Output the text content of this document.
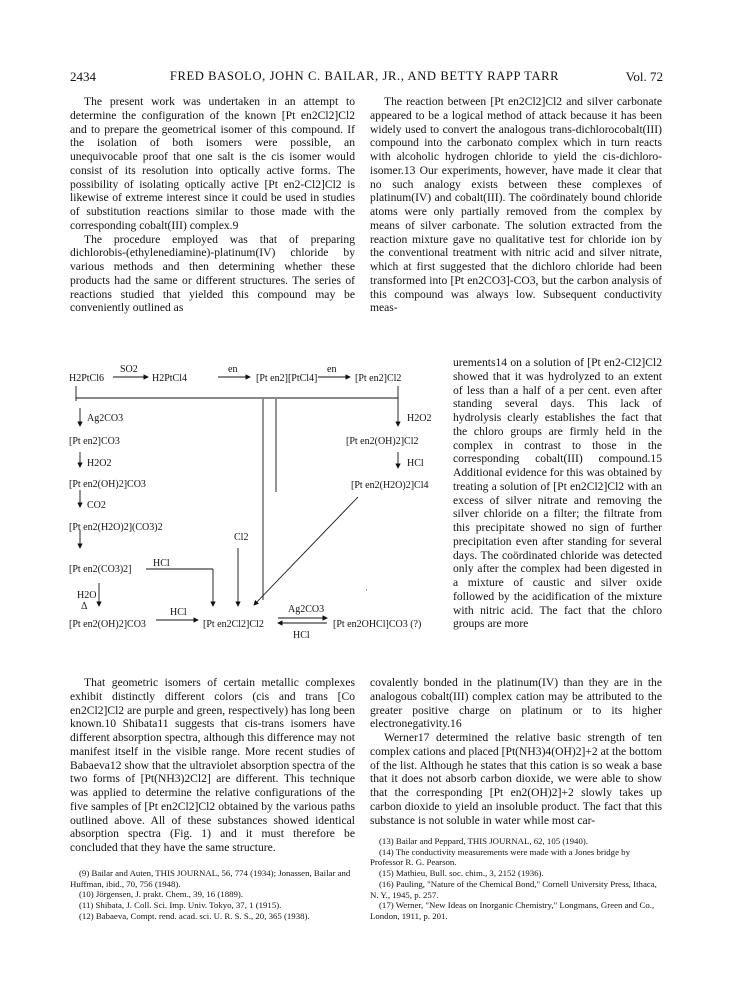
2434	FRED BASOLO, JOHN C. BAILAR, JR., AND BETTY RAPP TARR	Vol. 72

The present work was undertaken in an attempt to determine the configuration of the known [Pt en2Cl2]Cl2 and to prepare the geometrical isomer of this compound. If the isolation of both isomers were possible, an unequivocable proof that one salt is the cis isomer would consist of its resolution into optically active forms. The possibility of isolating optically active [Pt en2-Cl2]Cl2 is likewise of extreme interest since it could be used in studies of substitution reactions similar to those made with the corresponding cobalt(III) complex.9

The procedure employed was that of preparing dichlorobis-(ethylenediamine)-platinum(IV) chloride by various methods and then determining whether these products had the same or different structures. The series of reactions studied that yielded this compound may be conveniently outlined as

The reaction between [Pt en2Cl2]Cl2 and silver carbonate appeared to be a logical method of attack because it has been widely used to convert the analogous trans-dichlorocobalt(III) compound into the carbonato complex which in turn reacts with alcoholic hydrogen chloride to yield the cis-dichloro-isomer.13 Our experiments, however, have made it clear that no such analogy exists between these complexes of platinum(IV) and cobalt(III). The coördinately bound chloride atoms were only partially removed from the complex by means of silver carbonate. The solution extracted from the reaction mixture gave no qualitative test for chloride ion by the conventional treatment with nitric acid and silver nitrate, which at first suggested that the dichloro chloride had been transformed into [Pt en2CO3]-CO3, but the carbon analysis of this compound was always low. Subsequent conductivity meas-

urements14 on a solution of [Pt en2-Cl2]Cl2 showed that it was hydrolyzed to an extent of less than a half of a per cent. even after standing several days. This lack of hydrolysis clearly establishes the fact that the chloro groups are firmly held in the complex in contrast to those in the corresponding cobalt(III) compound.15 Additional evidence for this was obtained by treating a solution of [Pt en2Cl2]Cl2 with an excess of silver nitrate and removing the silver chloride on a filter; the filtrate from this precipitate showed no sign of further precipitation even after standing for several days. The coördinated chloride was detected only after the complex had been digested in a mixture of caustic and silver oxide followed by the acidification of the mixture with nitric acid. The fact that the chloro groups are more

·
H2PtCl6
SO2
H2PtCl4
en
[Pt en2][PtCl4]
en
[Pt en2]Cl2
Ag2CO3
[Pt en2]CO3
H2O2
[Pt en2(OH)2]CO3
CO2
[Pt en2(H2O)2](CO3)2
HCl
[Pt en2(CO3)2]
H2O
Δ
[Pt en2(OH)2]CO3
HCl
[Pt en2Cl2]Cl2
Ag2CO3
HCl
[Pt en2OHCl]CO3 (?)
Cl2
H2O2
[Pt en2(OH)2]Cl2
HCl
[Pt en2(H2O)2]Cl4

That geometric isomers of certain metallic complexes exhibit distinctly different colors (cis and trans [Co en2Cl2]Cl2 are purple and green, respectively) has long been known.10 Shibata11 suggests that cis-trans isomers have different absorption spectra, although this difference may not manifest itself in the visible range. More recent studies of Babaeva12 show that the ultraviolet absorption spectra of the two forms of [Pt(NH3)2Cl2] are different. This technique was applied to determine the relative configurations of the five samples of [Pt en2Cl2]Cl2 obtained by the various paths outlined above. All of these substances showed identical absorption spectra (Fig. 1) and it must therefore be concluded that they have the same structure.

covalently bonded in the platinum(IV) than they are in the analogous cobalt(III) complex cation may be attributed to the greater positive charge on platinum or to its higher electronegativity.16

Werner17 determined the relative basic strength of ten complex cations and placed [Pt(NH3)4(OH)2]+2 at the bottom of the list. Although he states that this cation is so weak a base that it does not absorb carbon dioxide, we were able to show that the corresponding [Pt en2(OH)2]+2 slowly takes up carbon dioxide to yield an insoluble product. The fact that this substance is not soluble in water while most car-

(9) Bailar and Auten, THIS JOURNAL, 56, 774 (1934); Jonassen, Bailar and Huffman, ibid., 70, 756 (1948).
(10) Jörgensen, J. prakt. Chem., 39, 16 (1889).
(11) Shibata, J. Coll. Sci. Imp. Univ. Tokyo, 37, 1 (1915).
(12) Babaeva, Compt. rend. acad. sci. U. R. S. S., 20, 365 (1938).
(13) Bailar and Peppard, THIS JOURNAL, 62, 105 (1940).
(14) The conductivity measurements were made with a Jones bridge by Professor R. G. Pearson.
(15) Mathieu, Bull. soc. chim., 3, 2152 (1936).
(16) Pauling, "Nature of the Chemical Bond," Cornell University Press, Ithaca, N. Y., 1945, p. 257.
(17) Werner, "New Ideas on Inorganic Chemistry," Longmans, Green and Co., London, 1911, p. 201.
